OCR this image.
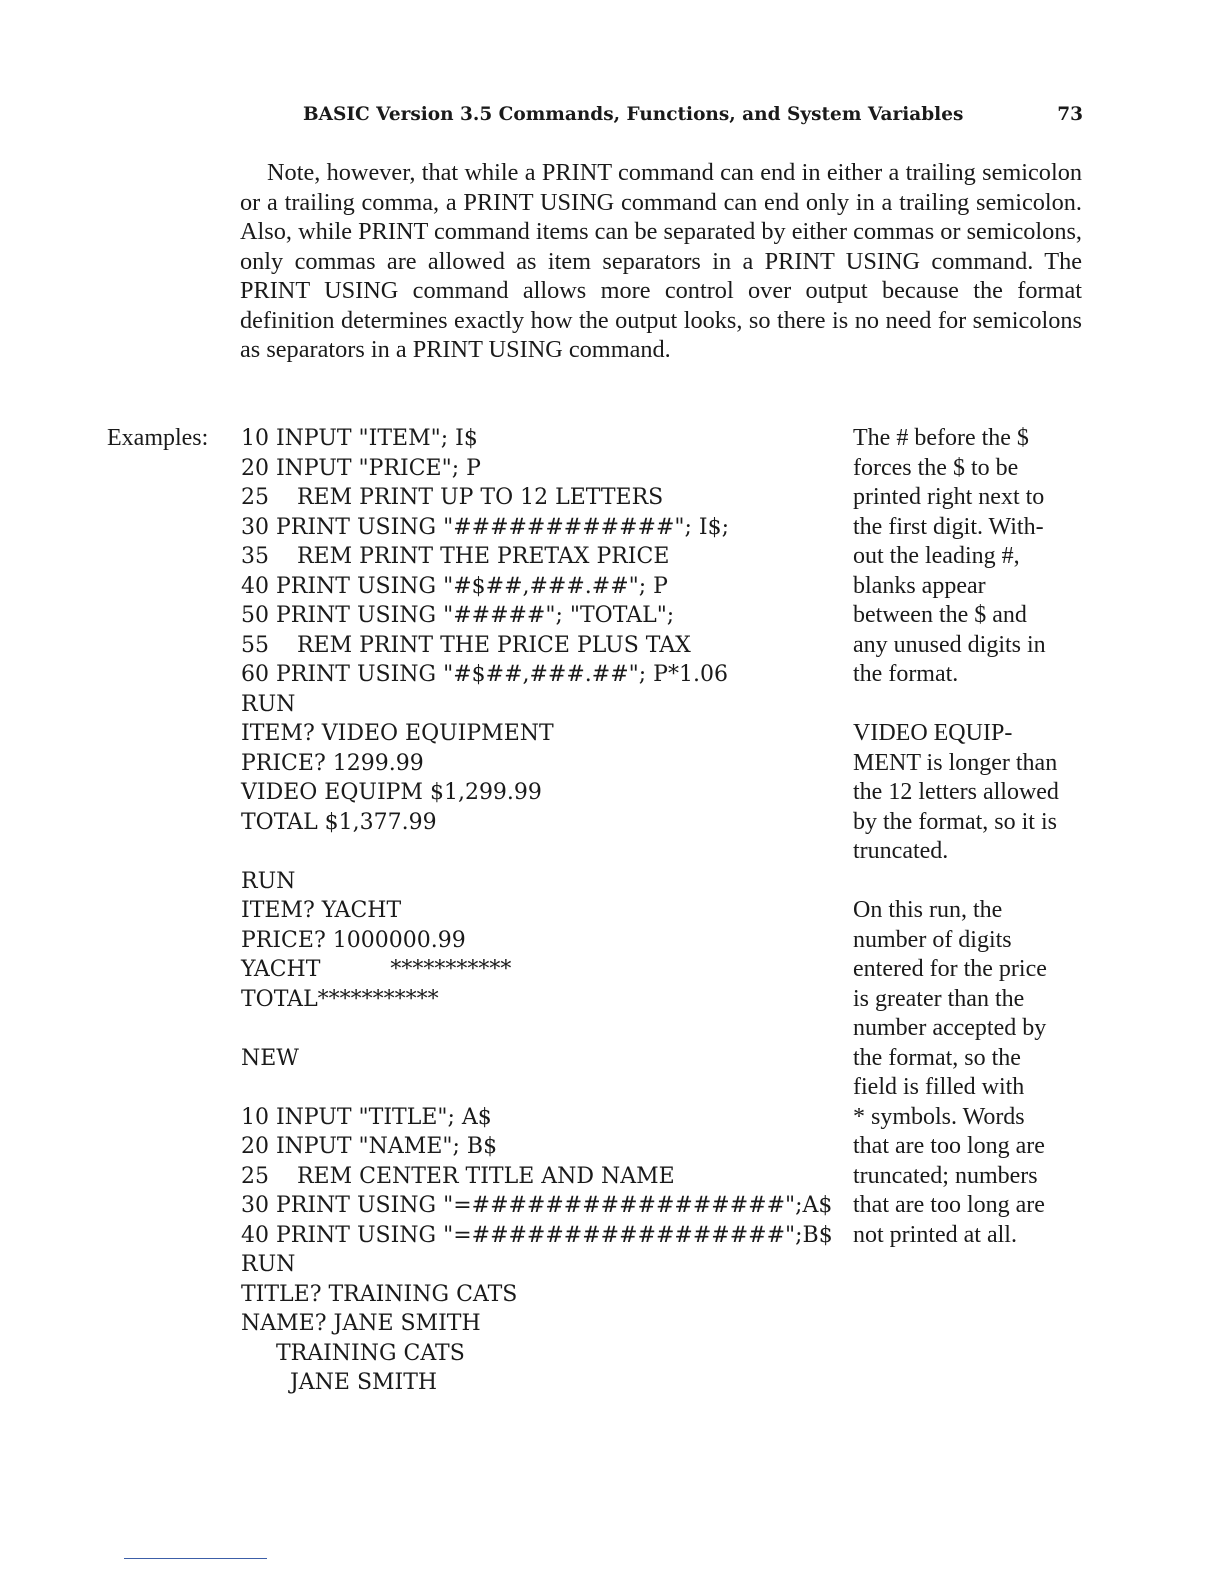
BASIC Version 3.5 Commands, Functions, and System Variables	73

Note, however, that while a PRINT command can end in either a trailing semicolon or a trailing comma, a PRINT USING command can end only in a trailing semicolon. Also, while PRINT command items can be separated by either commas or semicolons, only commas are allowed as item separators in a PRINT USING command. The PRINT USING command allows more control over output because the format definition determines exactly how the output looks, so there is no need for semicolons as separators in a PRINT USING command.

Examples: 10 INPUT "ITEM"; I$
20 INPUT "PRICE"; P
25    REM PRINT UP TO 12 LETTERS
30 PRINT USING "############"; I$;
35    REM PRINT THE PRETAX PRICE
40 PRINT USING "#$##,###.##"; P
50 PRINT USING "#####"; "TOTAL";
55    REM PRINT THE PRICE PLUS TAX
60 PRINT USING "#$##,###.##"; P*1.06
RUN
ITEM? VIDEO EQUIPMENT
PRICE? 1299.99
VIDEO EQUIPM $1,299.99
TOTAL $1,377.99
RUN
ITEM? YACHT
PRICE? 1000000.99
YACHT          ***********
TOTAL***********
NEW
10 INPUT "TITLE"; A$
20 INPUT "NAME"; B$
25    REM CENTER TITLE AND NAME
30 PRINT USING "=#################";A$
40 PRINT USING "=#################";B$
RUN
TITLE? TRAINING CATS
NAME? JANE SMITH
TRAINING CATS
JANE SMITH
The # before the $
forces the $ to be
printed right next to
the first digit. With-
out the leading #,
blanks appear
between the $ and
any unused digits in
the format.
VIDEO EQUIP-
MENT is longer than
the 12 letters allowed
by the format, so it is
truncated.
On this run, the
number of digits
entered for the price
is greater than the
number accepted by
the format, so the
field is filled with
* symbols. Words
that are too long are
truncated; numbers
that are too long are
not printed at all.
